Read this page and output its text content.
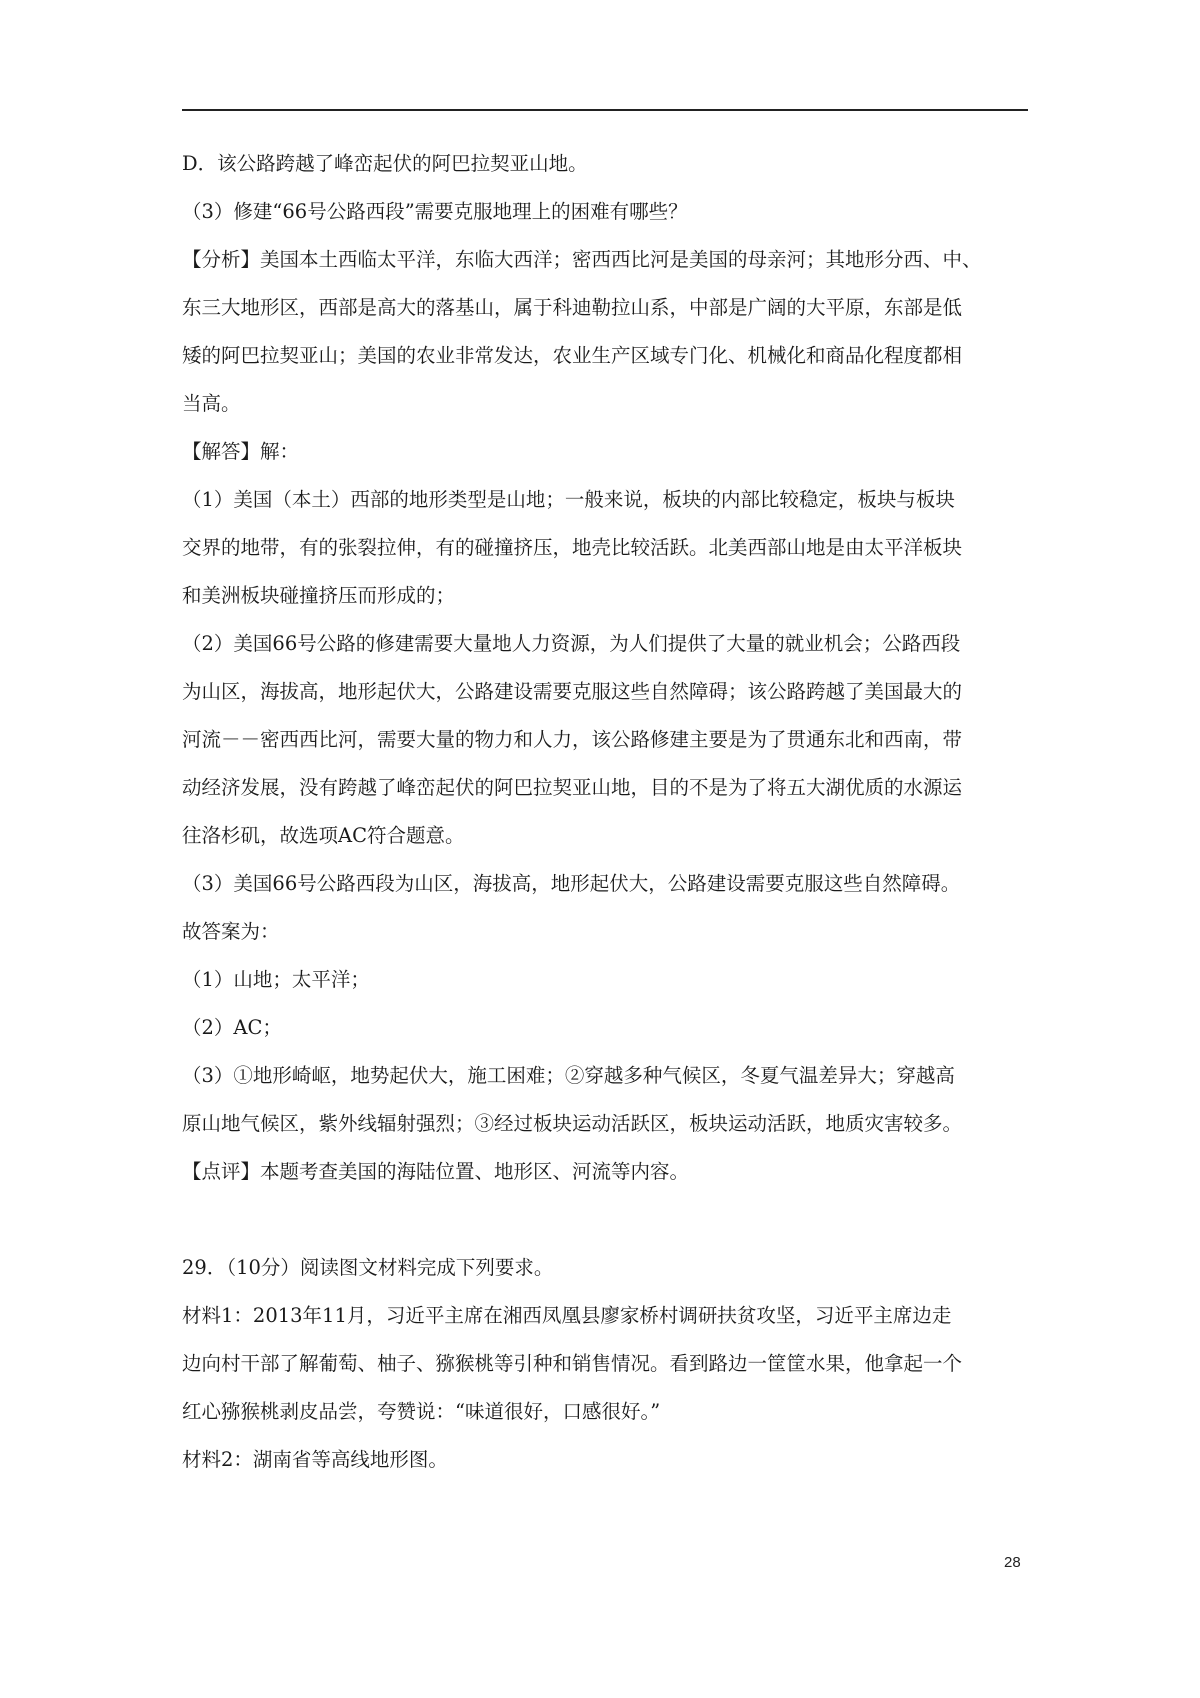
D．该公路跨越了峰峦起伏的阿巴拉契亚山地。
（3）修建“66号公路西段”需要克服地理上的困难有哪些？
【分析】美国本土西临太平洋，东临大西洋；密西西比河是美国的母亲河；其地形分西、中、
东三大地形区，西部是高大的落基山，属于科迪勒拉山系，中部是广阔的大平原，东部是低
矮的阿巴拉契亚山；美国的农业非常发达，农业生产区域专门化、机械化和商品化程度都相
当高。
【解答】解：
（1）美国（本土）西部的地形类型是山地；一般来说，板块的内部比较稳定，板块与板块
交界的地带，有的张裂拉伸，有的碰撞挤压，地壳比较活跃。北美西部山地是由太平洋板块
和美洲板块碰撞挤压而形成的；
（2）美国66号公路的修建需要大量地人力资源，为人们提供了大量的就业机会；公路西段
为山区，海拔高，地形起伏大，公路建设需要克服这些自然障碍；该公路跨越了美国最大的
河流－－密西西比河，需要大量的物力和人力，该公路修建主要是为了贯通东北和西南，带
动经济发展，没有跨越了峰峦起伏的阿巴拉契亚山地，目的不是为了将五大湖优质的水源运
往洛杉矶，故选项AC符合题意。
（3）美国66号公路西段为山区，海拔高，地形起伏大，公路建设需要克服这些自然障碍。
故答案为：
（1）山地；太平洋；
（2）AC；
（3）①地形崎岖，地势起伏大，施工困难；②穿越多种气候区，冬夏气温差异大；穿越高
原山地气候区，紫外线辐射强烈；③经过板块运动活跃区，板块运动活跃，地质灾害较多。
【点评】本题考查美国的海陆位置、地形区、河流等内容。
29．（10分）阅读图文材料完成下列要求。
材料1：2013年11月，习近平主席在湘西凤凰县廖家桥村调研扶贫攻坚，习近平主席边走
边向村干部了解葡萄、柚子、猕猴桃等引种和销售情况。看到路边一筐筐水果，他拿起一个
红心猕猴桃剥皮品尝，夸赞说：“味道很好，口感很好。”
材料2：湖南省等高线地形图。
28
